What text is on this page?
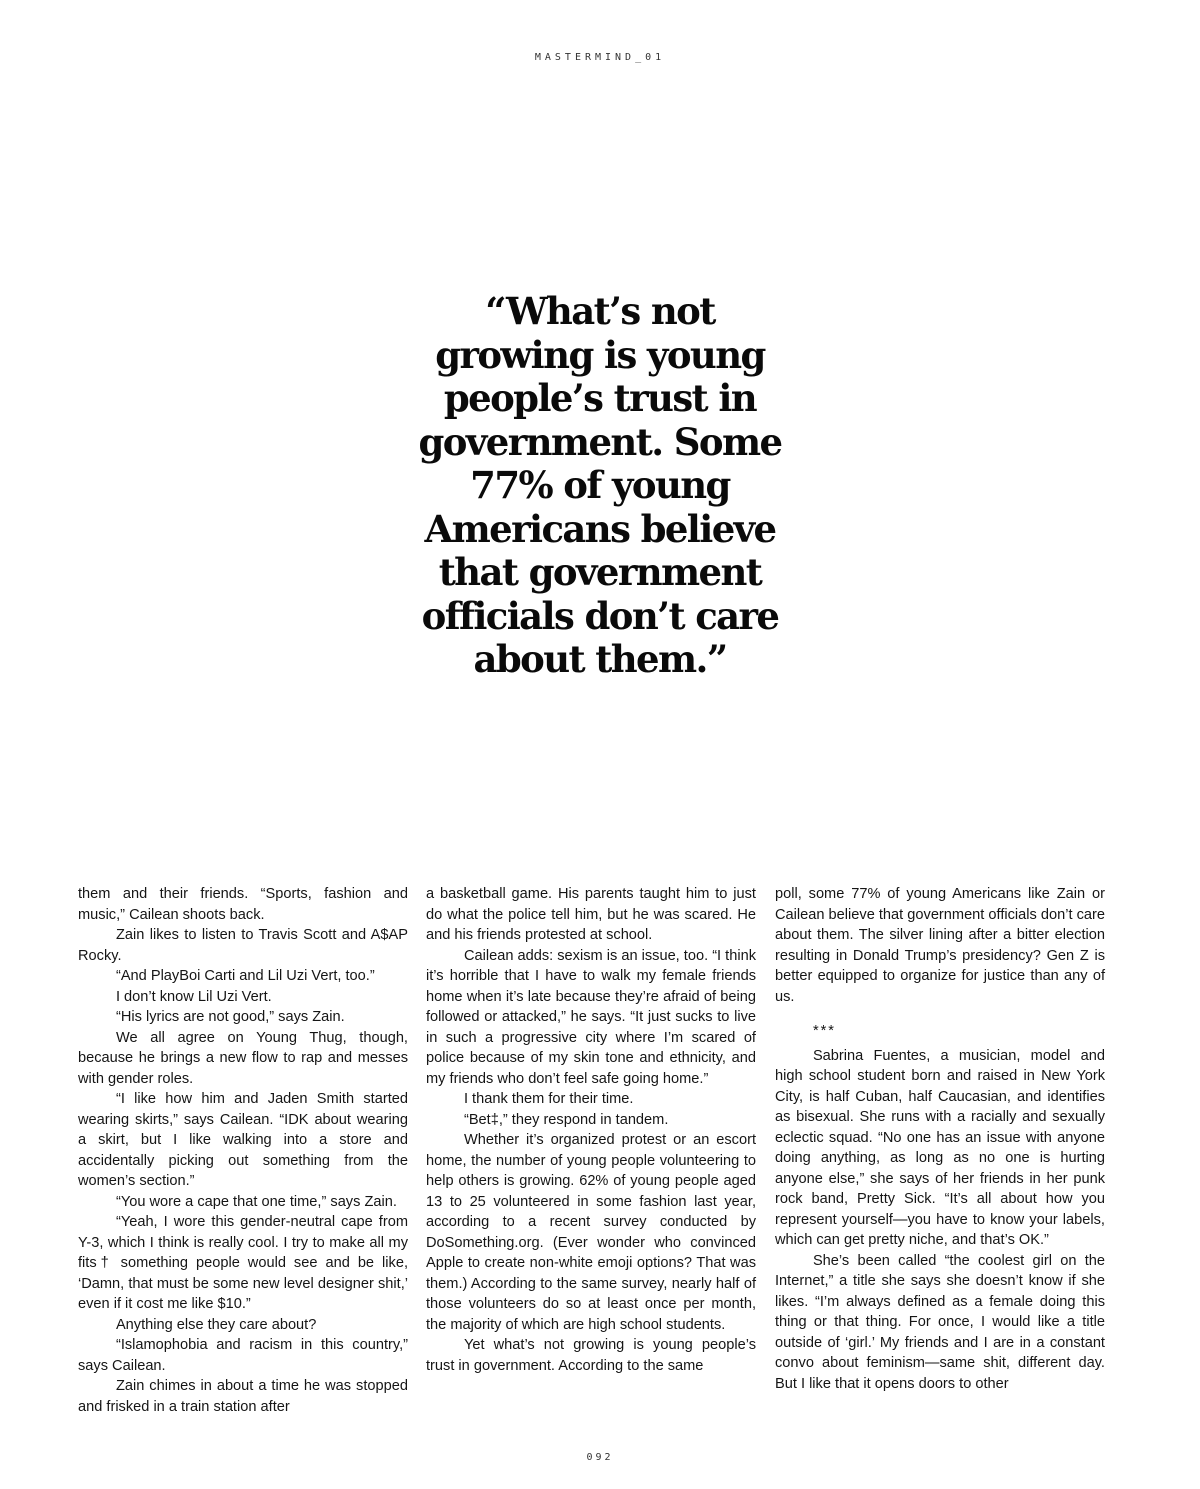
MASTERMIND_01
“What’s not
growing is young
people’s trust in
government. Some
77% of young
Americans believe
that government
officials don’t care
about them.”

them and their friends. “Sports, fashion and music,” Cailean shoots back.

Zain likes to listen to Travis Scott and A$AP Rocky.

“And PlayBoi Carti and Lil Uzi Vert, too.”

I don’t know Lil Uzi Vert.

“His lyrics are not good,” says Zain.

We all agree on Young Thug, though, because he brings a new flow to rap and messes with gender roles.

“I like how him and Jaden Smith started wearing skirts,” says Cailean. “IDK about wearing a skirt, but I like walking into a store and accidentally picking out something from the women’s section.”

“You wore a cape that one time,” says Zain.

“Yeah, I wore this gender-neutral cape from Y-3, which I think is really cool. I try to make all my fits† something people would see and be like, ‘Damn, that must be some new level designer shit,’ even if it cost me like $10.”

Anything else they care about?

“Islamophobia and racism in this country,” says Cailean.

Zain chimes in about a time he was stopped and frisked in a train station after

a basketball game. His parents taught him to just do what the police tell him, but he was scared. He and his friends protested at school.

Cailean adds: sexism is an issue, too. “I think it’s horrible that I have to walk my female friends home when it’s late because they’re afraid of being followed or attacked,” he says. “It just sucks to live in such a progressive city where I’m scared of police because of my skin tone and ethnicity, and my friends who don’t feel safe going home.”

I thank them for their time.

“Bet‡,” they respond in tandem.

Whether it’s organized protest or an escort home, the number of young people volunteering to help others is growing. 62% of young people aged 13 to 25 volunteered in some fashion last year, according to a recent survey conducted by DoSomething.org. (Ever wonder who convinced Apple to create non-white emoji options? That was them.) According to the same survey, nearly half of those volunteers do so at least once per month, the majority of which are high school students.

Yet what’s not growing is young people’s trust in government. According to the same

poll, some 77% of young Americans like Zain or Cailean believe that government officials don’t care about them. The silver lining after a bitter election resulting in Donald Trump’s presidency? Gen Z is better equipped to organize for justice than any of us.

***

Sabrina Fuentes, a musician, model and high school student born and raised in New York City, is half Cuban, half Caucasian, and identifies as bisexual. She runs with a racially and sexually eclectic squad. “No one has an issue with anyone doing anything, as long as no one is hurting anyone else,” she says of her friends in her punk rock band, Pretty Sick. “It’s all about how you represent yourself—you have to know your labels, which can get pretty niche, and that’s OK.”

She’s been called “the coolest girl on the Internet,” a title she says she doesn’t know if she likes. “I’m always defined as a female doing this thing or that thing. For once, I would like a title outside of ‘girl.’ My friends and I are in a constant convo about feminism—same shit, different day. But I like that it opens doors to other

092
